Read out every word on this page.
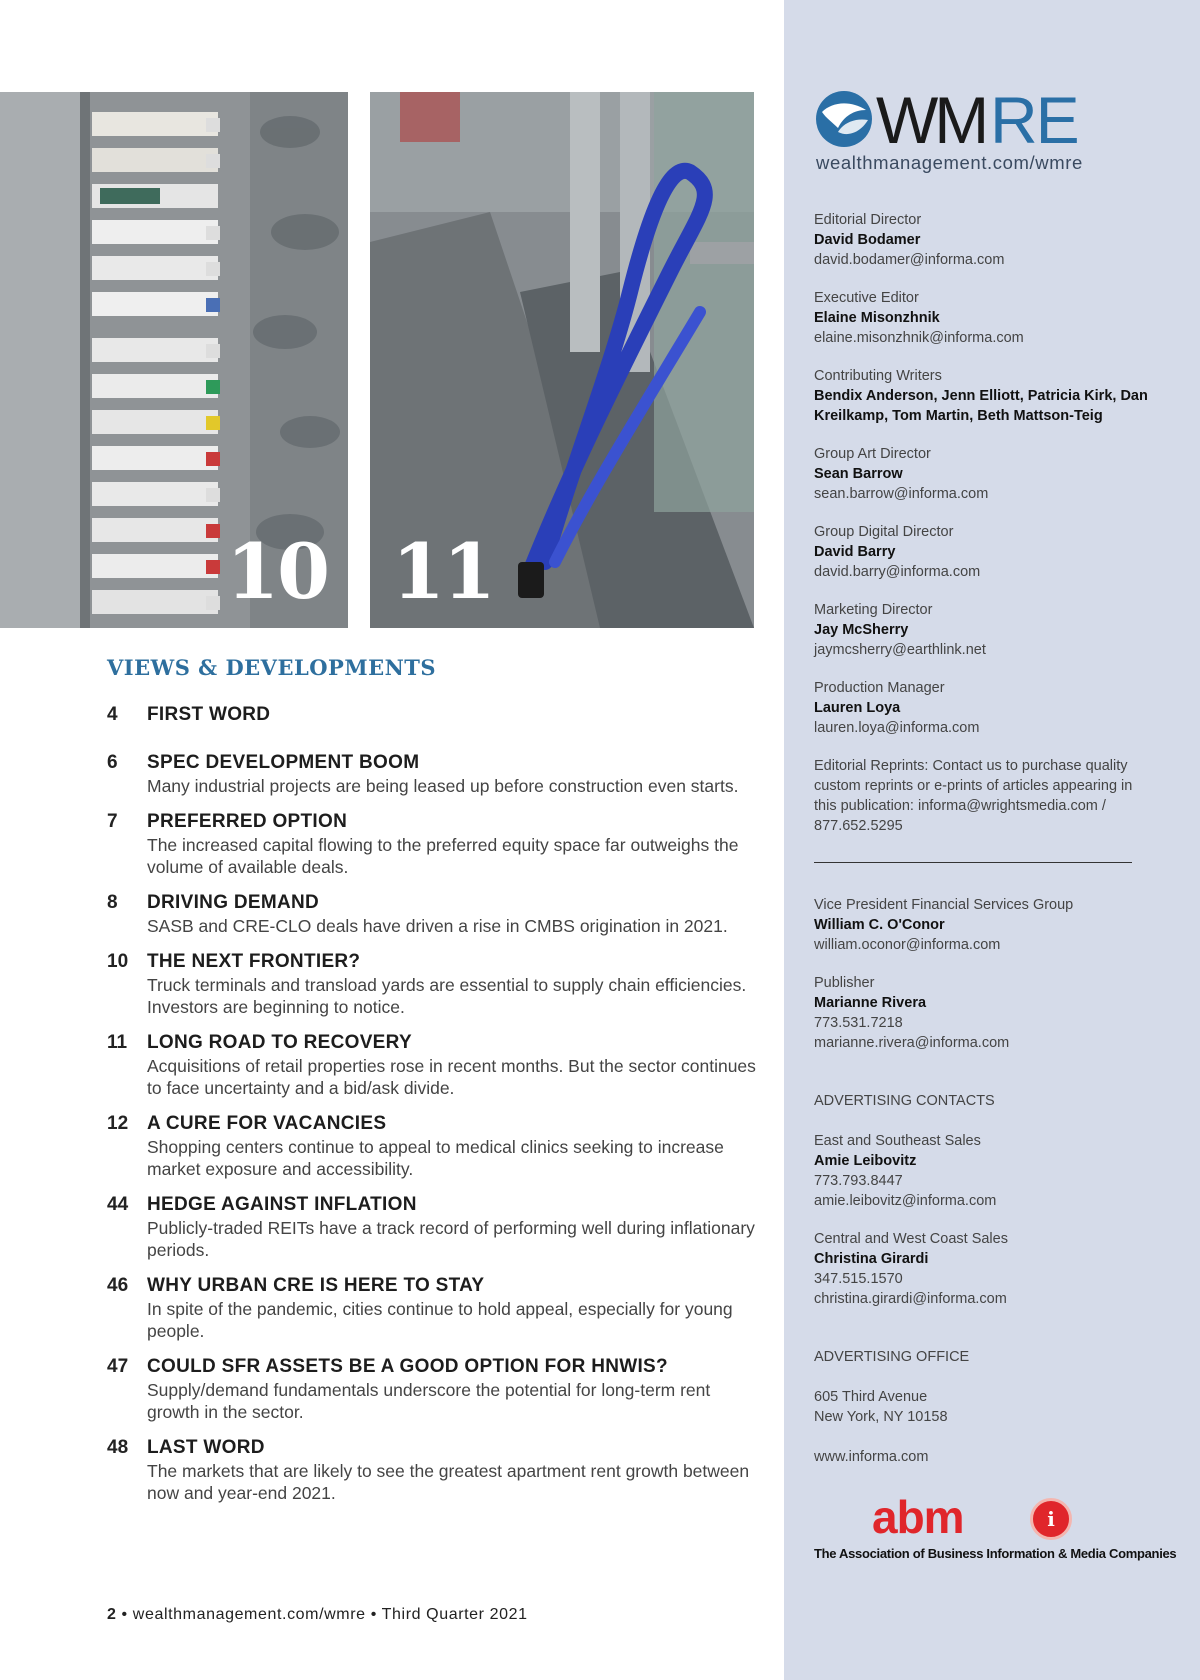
10 11
VIEWS & DEVELOPMENTS
4 FIRST WORD
6 SPEC DEVELOPMENT BOOM
Many industrial projects are being leased up before construction even starts.
7 PREFERRED OPTION
The increased capital flowing to the preferred equity space far outweighs the volume of available deals.
8 DRIVING DEMAND
SASB and CRE-CLO deals have driven a rise in CMBS origination in 2021.
10 THE NEXT FRONTIER?
Truck terminals and transload yards are essential to supply chain efficiencies. Investors are beginning to notice.
11 LONG ROAD TO RECOVERY
Acquisitions of retail properties rose in recent months. But the sector continues to face uncertainty and a bid/ask divide.
12 A CURE FOR VACANCIES
Shopping centers continue to appeal to medical clinics seeking to increase market exposure and accessibility.
44 HEDGE AGAINST INFLATION
Publicly-traded REITs have a track record of performing well during inflationary periods.
46 WHY URBAN CRE IS HERE TO STAY
In spite of the pandemic, cities continue to hold appeal, especially for young people.
47 COULD SFR ASSETS BE A GOOD OPTION FOR HNWIS?
Supply/demand fundamentals underscore the potential for long-term rent growth in the sector.
48 LAST WORD
The markets that are likely to see the greatest apartment rent growth between now and year-end 2021.
2 • wealthmanagement.com/wmre • Third Quarter 2021
WM RE
wealthmanagement.com/wmre
Editorial Director
David Bodamer
david.bodamer@informa.com
Executive Editor
Elaine Misonzhnik
elaine.misonzhnik@informa.com
Contributing Writers
Bendix Anderson, Jenn Elliott, Patricia Kirk, Dan Kreilkamp, Tom Martin, Beth Mattson-Teig
Group Art Director
Sean Barrow
sean.barrow@informa.com
Group Digital Director
David Barry
david.barry@informa.com
Marketing Director
Jay McSherry
jaymcsherry@earthlink.net
Production Manager
Lauren Loya
lauren.loya@informa.com
Editorial Reprints: Contact us to purchase quality custom reprints or e-prints of articles appearing in this publication: informa@wrightsmedia.com / 877.652.5295
Vice President Financial Services Group
William C. O'Conor
william.oconor@informa.com
Publisher
Marianne Rivera
773.531.7218
marianne.rivera@informa.com
ADVERTISING CONTACTS
East and Southeast Sales
Amie Leibovitz
773.793.8447
amie.leibovitz@informa.com
Central and West Coast Sales
Christina Girardi
347.515.1570
christina.girardi@informa.com
ADVERTISING OFFICE
605 Third Avenue
New York, NY 10158
www.informa.com
abm	i
The Association of Business Information & Media Companies
